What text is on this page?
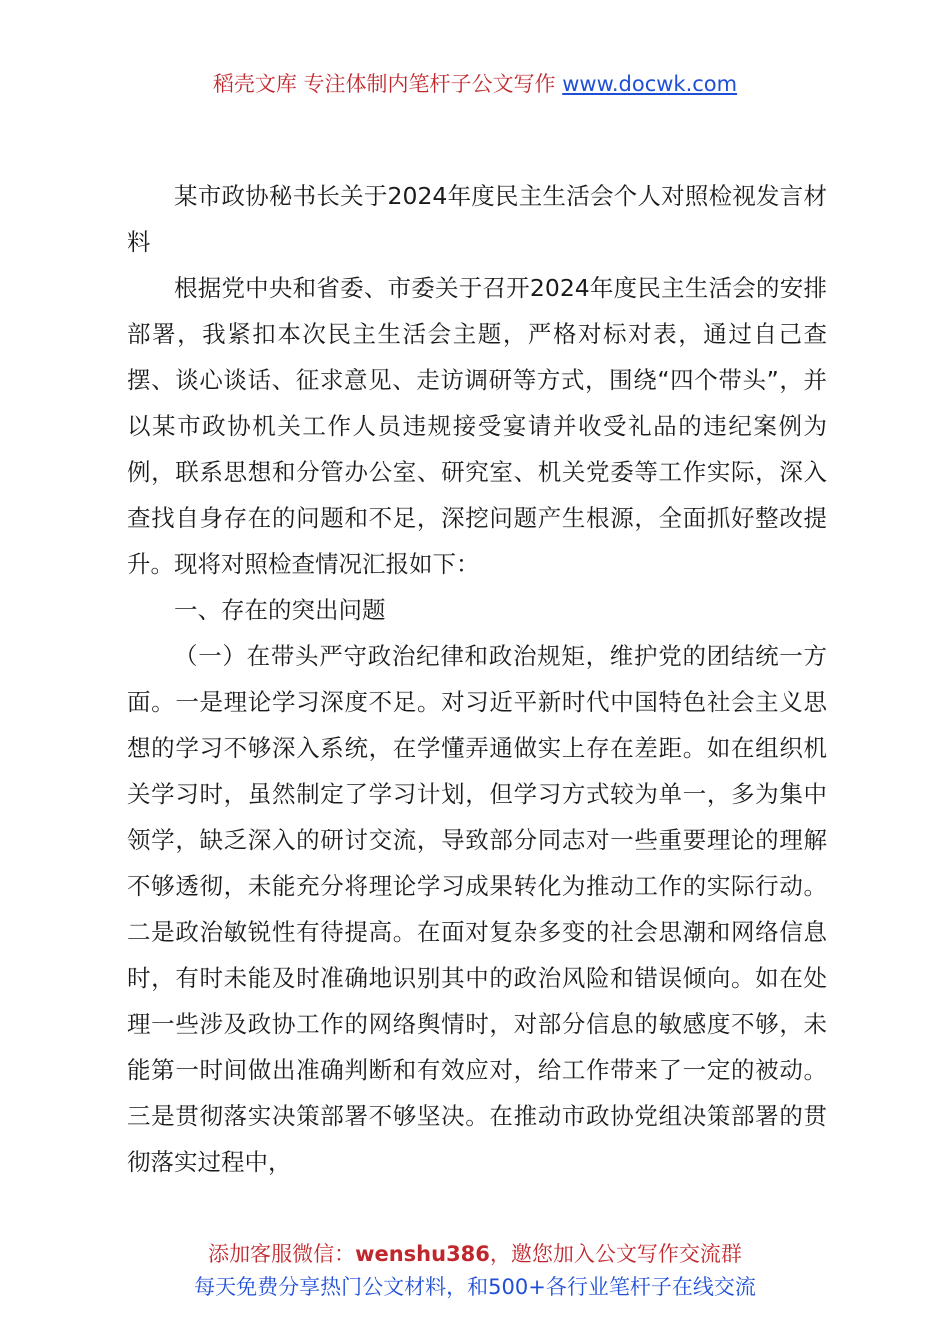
稻壳文库 专注体制内笔杆子公文写作 www.docwk.com

某市政协秘书长关于2024年度民主生活会个人对照检视发言材料

根据党中央和省委、市委关于召开2024年度民主生活会的安排部署，我紧扣本次民主生活会主题，严格对标对表，通过自己查摆、谈心谈话、征求意见、走访调研等方式，围绕“四个带头”，并以某市政协机关工作人员违规接受宴请并收受礼品的违纪案例为例，联系思想和分管办公室、研究室、机关党委等工作实际，深入查找自身存在的问题和不足，深挖问题产生根源，全面抓好整改提升。现将对照检查情况汇报如下：

一、存在的突出问题

（一）在带头严守政治纪律和政治规矩，维护党的团结统一方面。一是理论学习深度不足。对习近平新时代中国特色社会主义思想的学习不够深入系统，在学懂弄通做实上存在差距。如在组织机关学习时，虽然制定了学习计划，但学习方式较为单一，多为集中领学，缺乏深入的研讨交流，导致部分同志对一些重要理论的理解不够透彻，未能充分将理论学习成果转化为推动工作的实际行动。二是政治敏锐性有待提高。在面对复杂多变的社会思潮和网络信息时，有时未能及时准确地识别其中的政治风险和错误倾向。如在处理一些涉及政协工作的网络舆情时，对部分信息的敏感度不够，未能第一时间做出准确判断和有效应对，给工作带来了一定的被动。三是贯彻落实决策部署不够坚决。在推动市政协党组决策部署的贯彻落实过程中，

添加客服微信：wenshu386，邀您加入公文写作交流群
每天免费分享热门公文材料，和500+各行业笔杆子在线交流
